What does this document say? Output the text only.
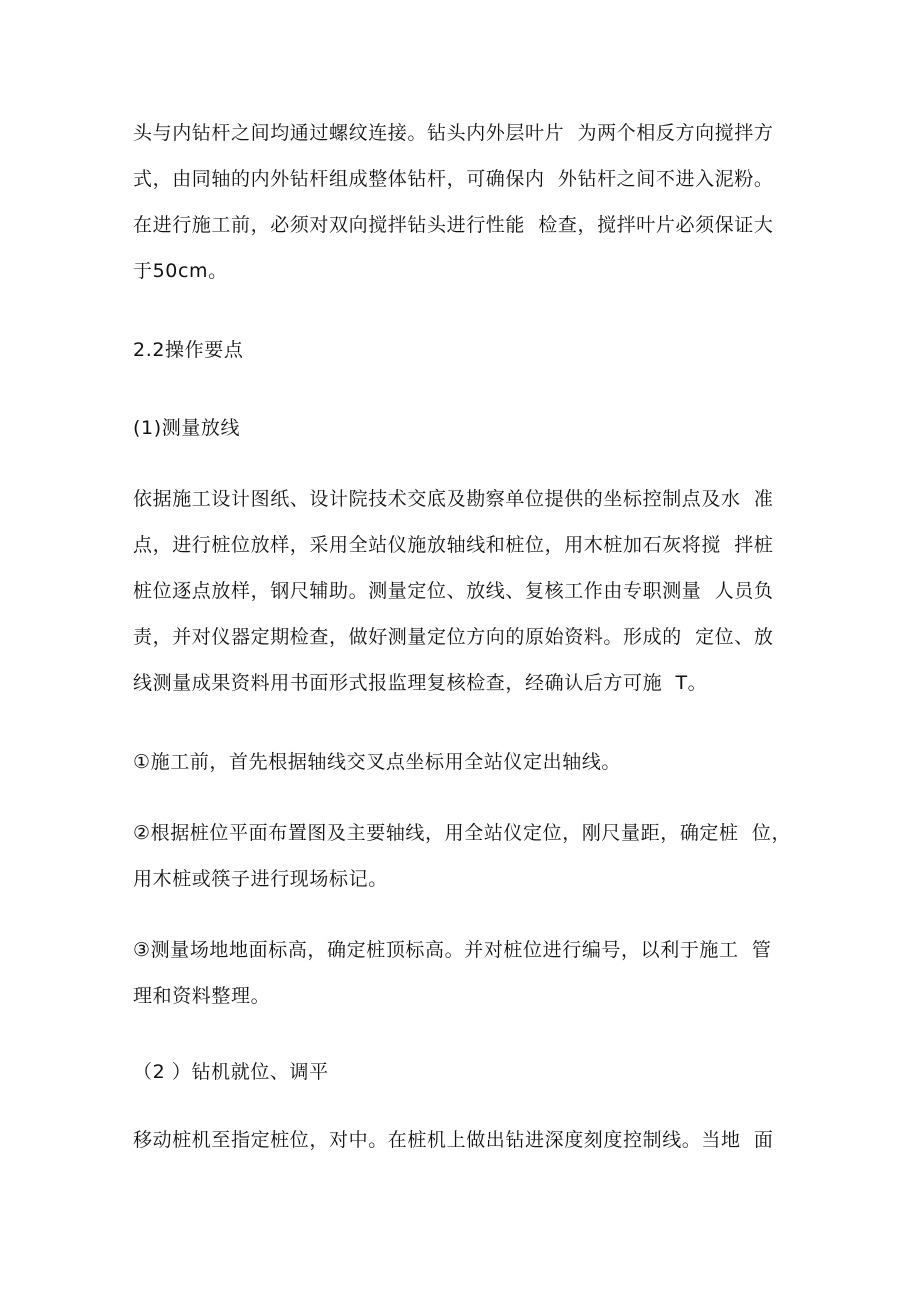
头与内钻杆之间均通过螺纹连接。钻头内外层叶片  为两个相反方向搅拌方
式，由同轴的内外钻杆组成整体钻杆，可确保内  外钻杆之间不进入泥粉。
在进行施工前，必须对双向搅拌钻头进行性能  检查，搅拌叶片必须保证大
于50cm。
2.2操作要点
(1)测量放线
依据施工设计图纸、设计院技术交底及勘察单位提供的坐标控制点及水  准
点，进行桩位放样，采用全站仪施放轴线和桩位，用木桩加石灰将搅  拌桩
桩位逐点放样，钢尺辅助。测量定位、放线、复核工作由专职测量  人员负
责，并对仪器定期检查，做好测量定位方向的原始资料。形成的  定位、放
线测量成果资料用书面形式报监理复核检查，经确认后方可施  T。
①施工前，首先根据轴线交叉点坐标用全站仪定出轴线。
②根据桩位平面布置图及主要轴线，用全站仪定位，刚尺量距，确定桩  位，
用木桩或筷子进行现场标记。
③测量场地地面标高，确定桩顶标高。并对桩位进行编号，以利于施工  管
理和资料整理。
（2 ）钻机就位、调平
移动桩机至指定桩位，对中。在桩机上做出钻进深度刻度控制线。当地  面
